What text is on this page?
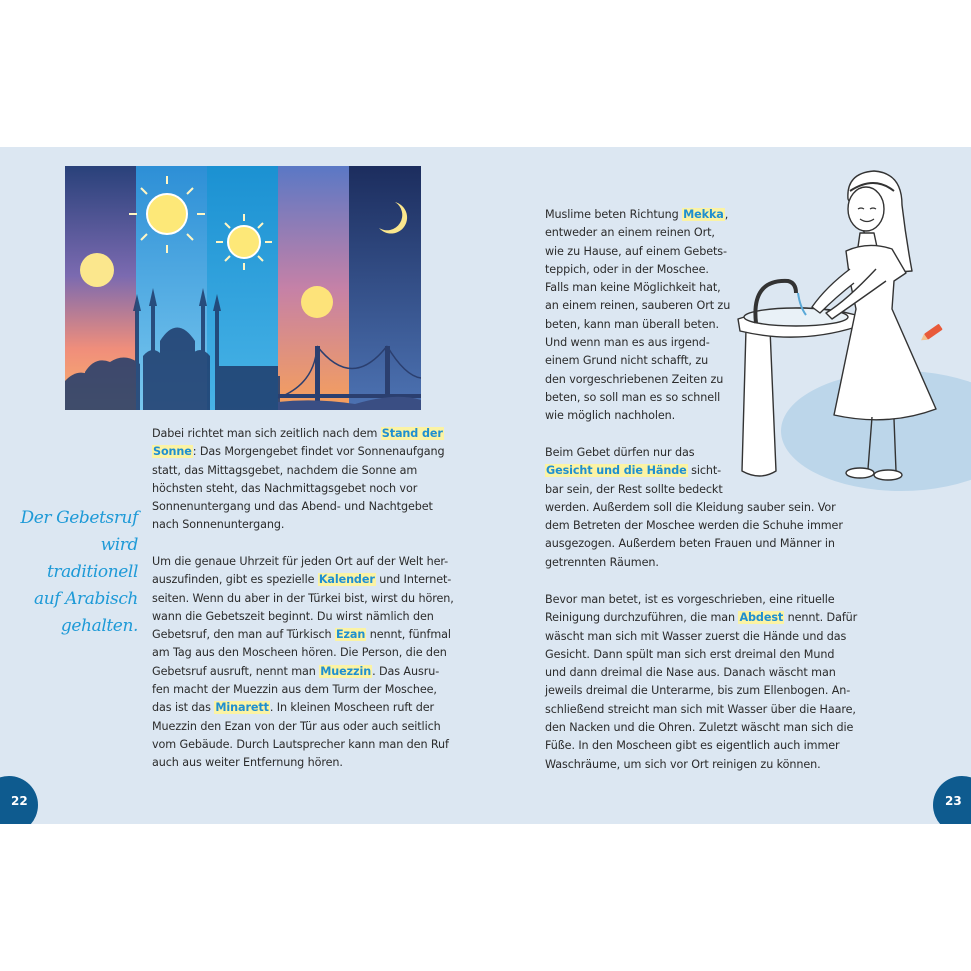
Der Gebetsruf
wird traditionell
auf Arabisch
gehalten.

Dabei richtet man sich zeitlich nach dem Stand der
Sonne: Das Morgengebet findet vor Sonnenaufgang
statt, das Mittagsgebet, nachdem die Sonne am
höchsten steht, das Nachmittagsgebet noch vor
Sonnenuntergang und das Abend- und Nachtgebet
nach Sonnenuntergang.

Um die genaue Uhrzeit für jeden Ort auf der Welt her-
auszufinden, gibt es spezielle Kalender und Internet-
seiten. Wenn du aber in der Türkei bist, wirst du hören,
wann die Gebetszeit beginnt. Du wirst nämlich den
Gebetsruf, den man auf Türkisch Ezan nennt, fünfmal
am Tag aus den Moscheen hören. Die Person, die den
Gebetsruf ausruft, nennt man Muezzin. Das Ausru-
fen macht der Muezzin aus dem Turm der Moschee,
das ist das Minarett. In kleinen Moscheen ruft der
Muezzin den Ezan von der Tür aus oder auch seitlich
vom Gebäude. Durch Lautsprecher kann man den Ruf
auch aus weiter Entfernung hören.

Muslime beten Richtung Mekka,
entweder an einem reinen Ort,
wie zu Hause, auf einem Gebets-
teppich, oder in der Moschee.
Falls man keine Möglichkeit hat,
an einem reinen, sauberen Ort zu
beten, kann man überall beten.
Und wenn man es aus irgend-
einem Grund nicht schafft, zu
den vorgeschriebenen Zeiten zu
beten, so soll man es so schnell
wie möglich nachholen.

Beim Gebet dürfen nur das
Gesicht und die Hände sicht-
bar sein, der Rest sollte bedeckt
werden. Außerdem soll die Kleidung sauber sein. Vor
dem Betreten der Moschee werden die Schuhe immer
ausgezogen. Außerdem beten Frauen und Männer in
getrennten Räumen.

Bevor man betet, ist es vorgeschrieben, eine rituelle
Reinigung durchzuführen, die man Abdest nennt. Dafür
wäscht man sich mit Wasser zuerst die Hände und das
Gesicht. Dann spült man sich erst dreimal den Mund
und dann dreimal die Nase aus. Danach wäscht man
jeweils dreimal die Unterarme, bis zum Ellenbogen. An-
schließend streicht man sich mit Wasser über die Haare,
den Nacken und die Ohren. Zuletzt wäscht man sich die
Füße. In den Moscheen gibt es eigentlich auch immer
Waschräume, um sich vor Ort reinigen zu können.

22	23
